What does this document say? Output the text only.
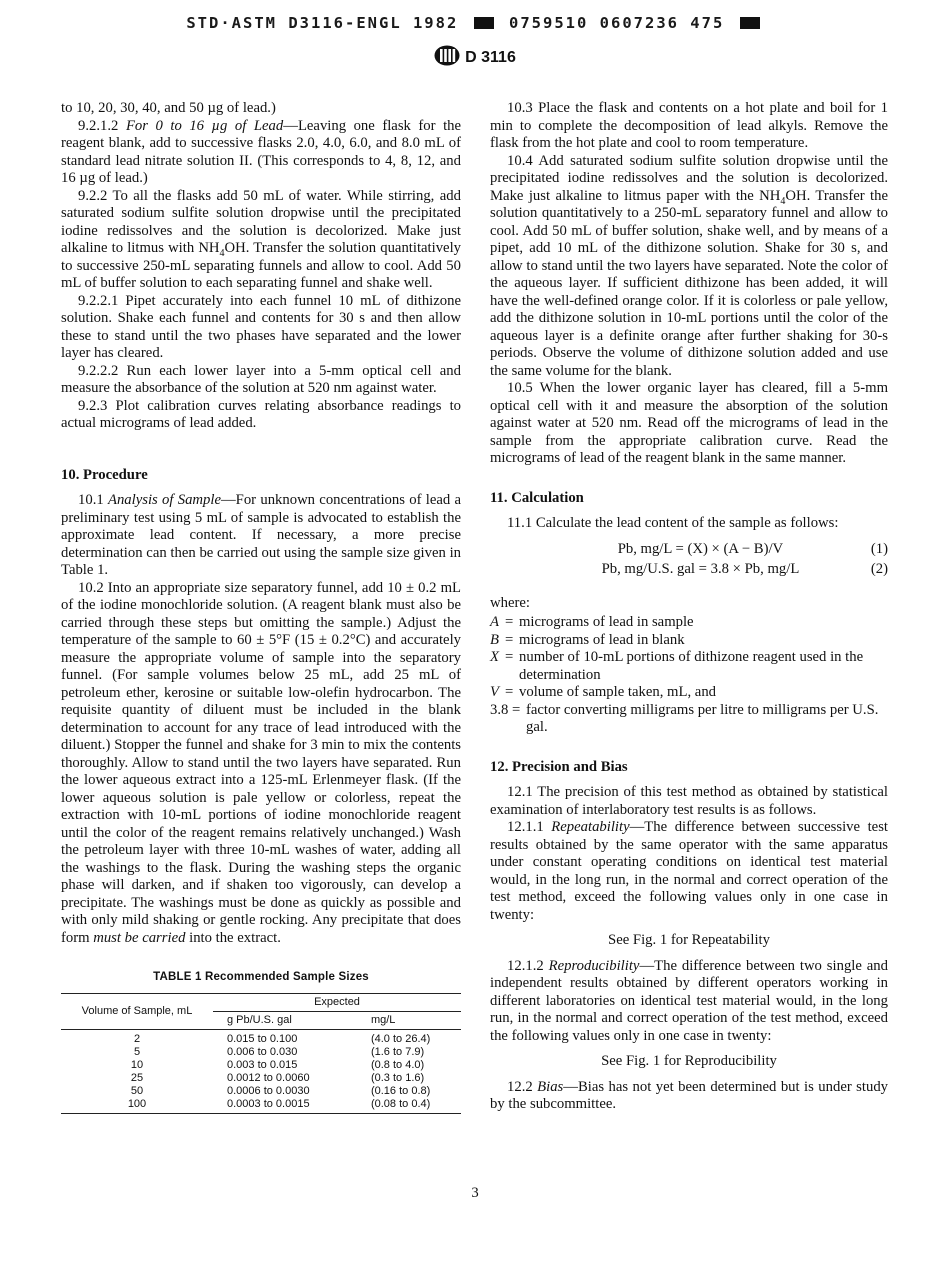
STD·ASTM D3116-ENGL 1982	0759510 0607236 475
D 3116

to 10, 20, 30, 40, and 50 µg of lead.)

9.2.1.2 For 0 to 16 µg of Lead—Leaving one flask for the reagent blank, add to successive flasks 2.0, 4.0, 6.0, and 8.0 mL of standard lead nitrate solution II. (This corresponds to 4, 8, 12, and 16 µg of lead.)

9.2.2 To all the flasks add 50 mL of water. While stirring, add saturated sodium sulfite solution dropwise until the precipitated iodine redissolves and the solution is decolorized. Make just alkaline to litmus with $NH_4OH$. Transfer the solution quantitatively to successive 250-mL separating funnels and allow to cool. Add 50 mL of buffer solution to each separating funnel and shake well.

9.2.2.1 Pipet accurately into each funnel 10 mL of dithizone solution. Shake each funnel and contents for 30 s and then allow these to stand until the two phases have separated and the lower layer has cleared.

9.2.2.2 Run each lower layer into a 5-mm optical cell and measure the absorbance of the solution at 520 nm against water.

9.2.3 Plot calibration curves relating absorbance readings to actual micrograms of lead added.

10. Procedure

10.1 Analysis of Sample—For unknown concentrations of lead a preliminary test using 5 mL of sample is advocated to establish the approximate lead content. If necessary, a more precise determination can then be carried out using the sample size given in Table 1.

10.2 Into an appropriate size separatory funnel, add 10 ± 0.2 mL of the iodine monochloride solution. (A reagent blank must also be carried through these steps but omitting the sample.) Adjust the temperature of the sample to 60 ± 5°F (15 ± 0.2°C) and accurately measure the appropriate volume of sample into the separatory funnel. (For sample volumes below 25 mL, add 25 mL of petroleum ether, kerosine or suitable low-olefin hydrocarbon. The requisite quantity of diluent must be included in the blank determination to account for any trace of lead introduced with the diluent.) Stopper the funnel and shake for 3 min to mix the contents thoroughly. Allow to stand until the two layers have separated. Run the lower aqueous extract into a 125-mL Erlenmeyer flask. (If the lower aqueous solution is pale yellow or colorless, repeat the extraction with 10-mL portions of iodine monochloride reagent until the color of the reagent remains relatively unchanged.) Wash the petroleum layer with three 10-mL washes of water, adding all the washings to the flask. During the washing steps the organic phase will darken, and if shaken too vigorously, can develop a precipitate. The washings must be done as quickly as possible and with only mild shaking or gentle rocking. Any precipitate that does form must be carried into the extract.

TABLE 1 Recommended Sample Sizes
Volume of Sample, mL	Expected	
	g Pb/U.S. gal	mg/L
2	0.015 to 0.100	(4.0 to 26.4)
5	0.006 to 0.030	(1.6 to 7.9)
10	0.003 to 0.015	(0.8 to 4.0)
25	0.0012 to 0.0060	(0.3 to 1.6)
50	0.0006 to 0.0030	(0.16 to 0.8)
100	0.0003 to 0.0015	(0.08 to 0.4)

10.3 Place the flask and contents on a hot plate and boil for 1 min to complete the decomposition of lead alkyls. Remove the flask from the hot plate and cool to room temperature.

10.4 Add saturated sodium sulfite solution dropwise until the precipitated iodine redissolves and the solution is decolorized. Make just alkaline to litmus paper with the $NH_4OH$. Transfer the solution quantitatively to a 250-mL separatory funnel and allow to cool. Add 50 mL of buffer solution, shake well, and by means of a pipet, add 10 mL of the dithizone solution. Shake for 30 s, and allow to stand until the two layers have separated. Note the color of the aqueous layer. If sufficient dithizone has been added, it will have the well-defined orange color. If it is colorless or pale yellow, add the dithizone solution in 10-mL portions until the color of the aqueous layer is a definite orange after further shaking for 30-s periods. Observe the volume of dithizone solution added and use the same volume for the blank.

10.5 When the lower organic layer has cleared, fill a 5-mm optical cell with it and measure the absorption of the solution against water at 520 nm. Read off the micrograms of lead in the sample from the appropriate calibration curve. Read the micrograms of lead of the reagent blank in the same manner.

11. Calculation

11.1 Calculate the lead content of the sample as follows:

Pb, mg/L = (X) × (A − B)/V	(1)
Pb, mg/U.S. gal = 3.8 × Pb, mg/L	(2)

where:

A = micrograms of lead in sample
B = micrograms of lead in blank
X = number of 10-mL portions of dithizone reagent used in the determination
V = volume of sample taken, mL, and
3.8 = factor converting milligrams per litre to milligrams per U.S. gal.
12. Precision and Bias

12.1 The precision of this test method as obtained by statistical examination of interlaboratory test results is as follows.

12.1.1 Repeatability—The difference between successive test results obtained by the same operator with the same apparatus under constant operating conditions on identical test material would, in the long run, in the normal and correct operation of the test method, exceed the following values only in one case in twenty:

See Fig. 1 for Repeatability

12.1.2 Reproducibility—The difference between two single and independent results obtained by different operators working in different laboratories on identical test material would, in the long run, in the normal and correct operation of the test method, exceed the following values only in one case in twenty:

See Fig. 1 for Reproducibility

12.2 Bias—Bias has not yet been determined but is under study by the subcommittee.

3
